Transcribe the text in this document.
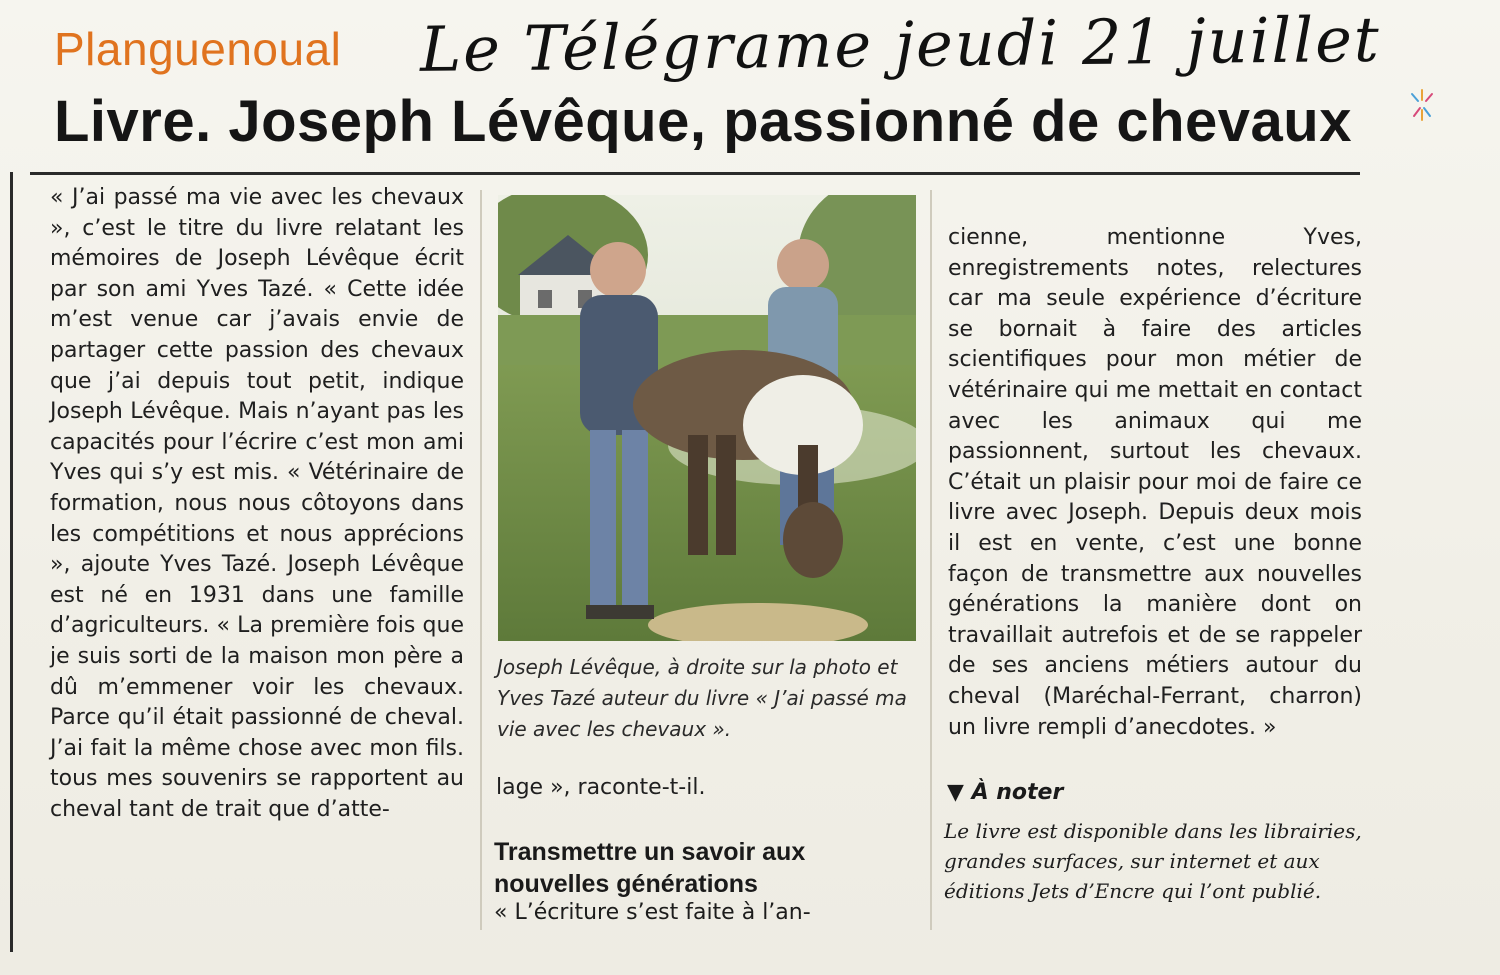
Planguenoual Le Télégrame jeudi 21 juillet
Livre. Joseph Lévêque, passionné de chevaux
« J’ai passé ma vie avec les chevaux », c’est le titre du livre relatant les mémoires de Joseph Lévêque écrit par son ami Yves Tazé. « Cette idée m’est venue car j’avais envie de partager cette passion des chevaux que j’ai depuis tout petit, indique Joseph Lévêque. Mais n’ayant pas les capacités pour l’écrire c’est mon ami Yves qui s’y est mis. « Vétérinaire de formation, nous nous côtoyons dans les compétitions et nous apprécions », ajoute Yves Tazé. Joseph Lévêque est né en 1931 dans une famille d’agriculteurs. « La première fois que je suis sorti de la maison mon père a dû m’emmener voir les chevaux. Parce qu’il était passionné de cheval. J’ai fait la même chose avec mon fils. tous mes souvenirs se rapportent au cheval tant de trait que d’atte-
Joseph Lévêque, à droite sur la photo et Yves Tazé auteur du livre « J’ai passé ma vie avec les chevaux ».
lage », raconte-t-il.
Transmettre un savoir aux nouvelles générations
« L’écriture s’est faite à l’an-
cienne, mentionne Yves, enregistrements notes, relectures car ma seule expérience d’écriture se bornait à faire des articles scientifiques pour mon métier de vétérinaire qui me mettait en contact avec les animaux qui me passionnent, surtout les chevaux. C’était un plaisir pour moi de faire ce livre avec Joseph. Depuis deux mois il est en vente, c’est une bonne façon de transmettre aux nouvelles générations la manière dont on travaillait autrefois et de se rappeler de ses anciens métiers autour du cheval (Maréchal-Ferrant, charron) un livre rempli d’anecdotes. »
▼ À noter
Le livre est disponible dans les librairies, grandes surfaces, sur internet et aux éditions Jets d’Encre qui l’ont publié.
